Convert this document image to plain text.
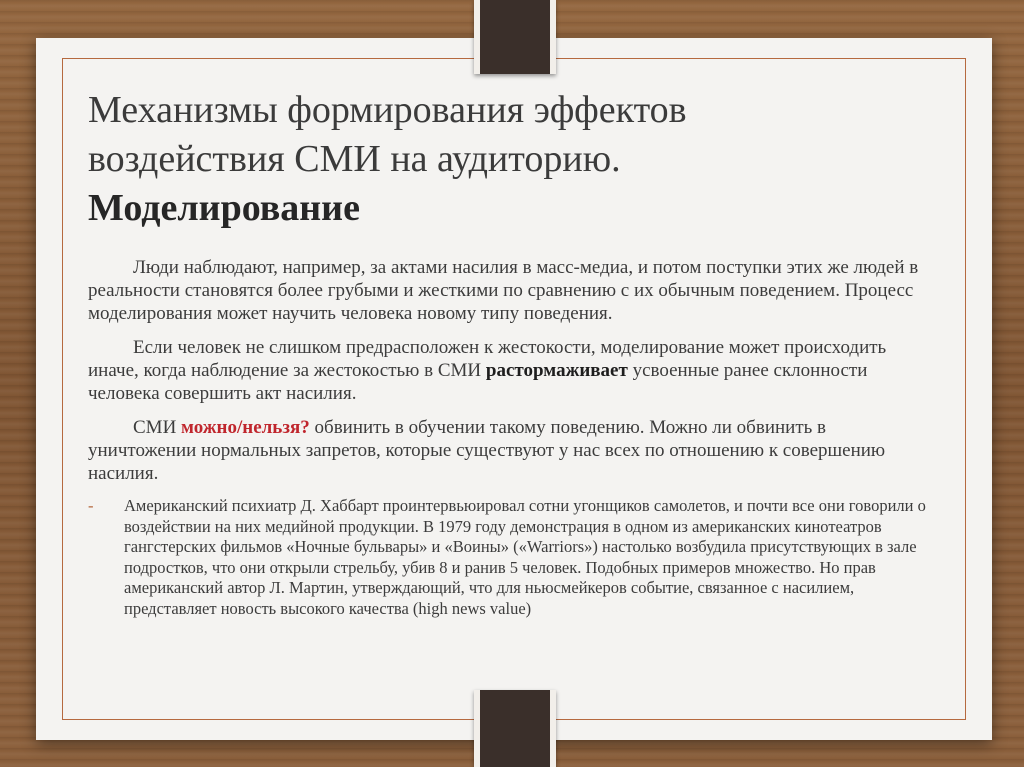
Механизмы формирования эффектов
воздействия СМИ на аудиторию.
Моделирование

Люди наблюдают, например, за актами насилия в масс-медиа, и потом поступки этих же людей в реальности становятся более грубыми и жесткими по сравнению с их обычным поведением. Процесс моделирования может научить человека новому типу поведения.

Если человек не слишком предрасположен к жестокости, моделирование может происходить иначе, когда наблюдение за жестокостью в СМИ растормаживает усвоенные ранее склонности человека совершить акт насилия.

СМИ можно/нельзя? обвинить в обучении такому поведению. Можно ли обвинить в уничтожении нормальных запретов, которые существуют у нас всех по отношению к совершению насилия.

- Американский психиатр Д. Хаббарт проинтервьюировал сотни угонщиков самолетов, и почти все они говорили о воздействии на них медийной продукции. В 1979 году демонстрация в одном из американских кинотеатров гангстерских фильмов «Ночные бульвары» и «Воины» («Warriors») настолько возбудила присутствующих в зале подростков, что они открыли стрельбу, убив 8 и ранив 5 человек. Подобных примеров множество. Но прав американский автор Л. Мартин, утверждающий, что для ньюсмейкеров событие, связанное с насилием, представляет новость высокого качества (high news value)
